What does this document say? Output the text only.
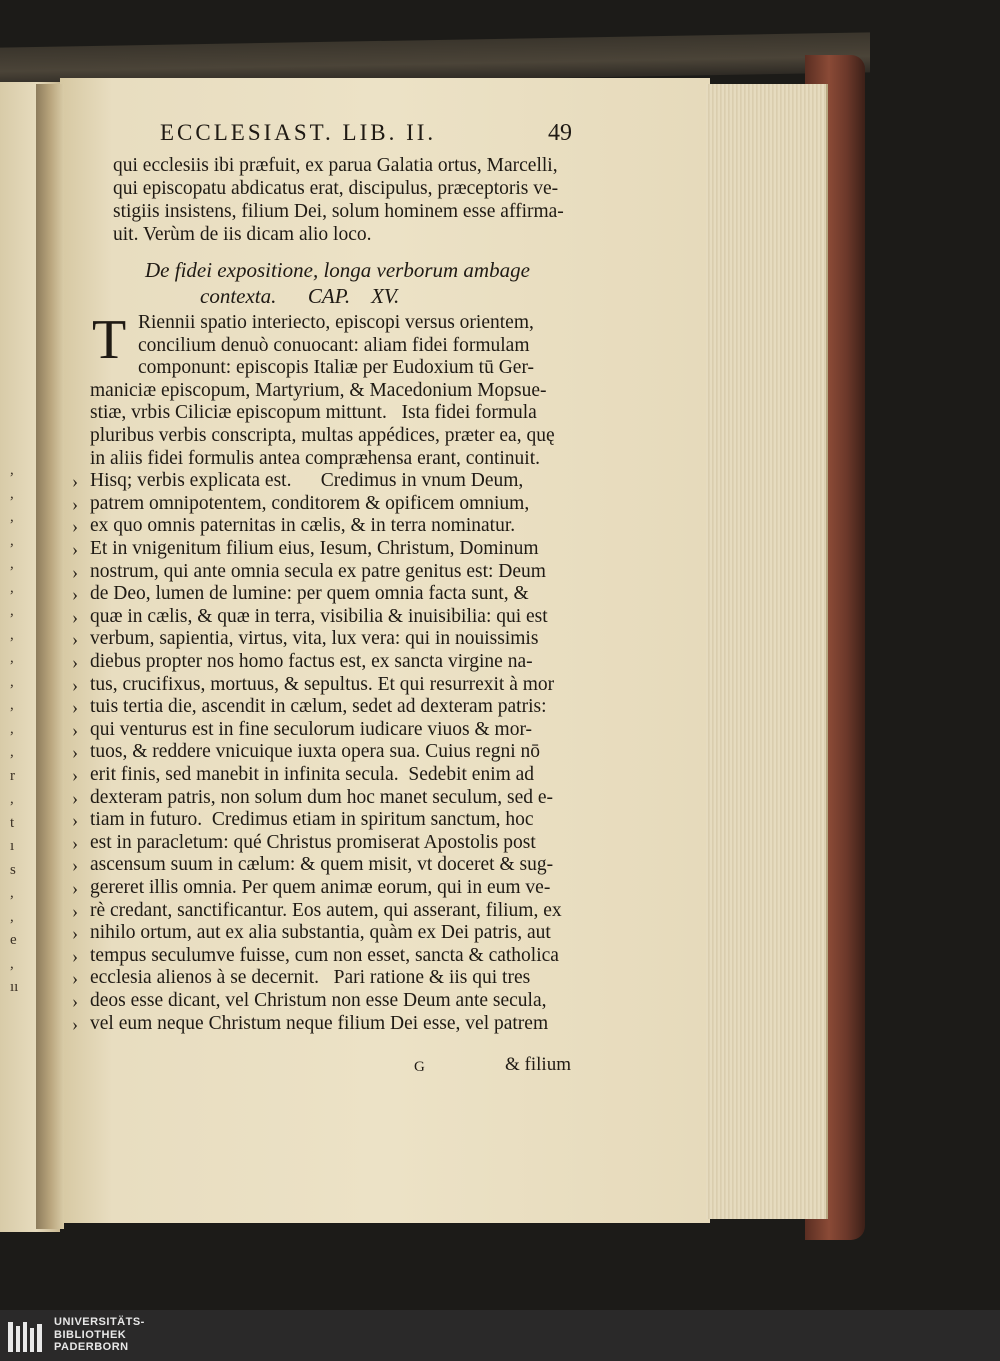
,
,
,
,
,
,
,
,
,
,
,
,
,
r
,
t
ı
s
,
,
e
,
ıı
ECCLESIAST. LIB. II.	49
qui ecclesiis ibi præfuit, ex parua Galatia ortus, Marcelli,
qui episcopatu abdicatus erat, discipulus, præceptoris ve-
stigiis insistens, filium Dei, solum hominem esse affirma-
uit. Verùm de iis dicam alio loco.
De fidei expositione, longa verborum ambage
contexta.      CAP.    XV.
T Riennii spatio interiecto, episcopi versus orientem,
concilium denuò conuocant: aliam fidei formulam
componunt: episcopis Italiæ per Eudoxium tū Ger-
maniciæ episcopum, Martyrium, & Macedonium Mopsue-
stiæ, vrbis Ciliciæ episcopum mittunt.   Ista fidei formula
pluribus verbis conscripta, multas appédices, præter ea, quę
in aliis fidei formulis antea compræhensa erant, continuit.
Hisq; verbis explicata est.      Credimus in vnum Deum,
›
patrem omnipotentem, conditorem & opificem omnium,
›
ex quo omnis paternitas in cælis, & in terra nominatur.
›
Et in vnigenitum filium eius, Iesum, Christum, Dominum
›
nostrum, qui ante omnia secula ex patre genitus est: Deum
›
de Deo, lumen de lumine: per quem omnia facta sunt, &
›
quæ in cælis, & quæ in terra, visibilia & inuisibilia: qui est
›
verbum, sapientia, virtus, vita, lux vera: qui in nouissimis
›
diebus propter nos homo factus est, ex sancta virgine na-
›
tus, crucifixus, mortuus, & sepultus. Et qui resurrexit à mor
›
tuis tertia die, ascendit in cælum, sedet ad dexteram patris:
›
qui venturus est in fine seculorum iudicare viuos & mor-
›
tuos, & reddere vnicuique iuxta opera sua. Cuius regni nō
›
erit finis, sed manebit in infinita secula.  Sedebit enim ad
›
dexteram patris, non solum dum hoc manet seculum, sed e-
›
tiam in futuro.  Credimus etiam in spiritum sanctum, hoc
›
est in paracletum: qué Christus promiserat Apostolis post
›
ascensum suum in cælum: & quem misit, vt doceret & sug-
›
gereret illis omnia. Per quem animæ eorum, qui in eum ve-
›
rè credant, sanctificantur. Eos autem, qui asserant, filium, ex
›
nihilo ortum, aut ex alia substantia, quàm ex Dei patris, aut
›
tempus seculumve fuisse, cum non esset, sancta & catholica
›
ecclesia alienos à se decernit.   Pari ratione & iis qui tres
›
deos esse dicant, vel Christum non esse Deum ante secula,
›
vel eum neque Christum neque filium Dei esse, vel patrem
›
G	& filium
UNIVERSITÄTS-
BIBLIOTHEK
PADERBORN
